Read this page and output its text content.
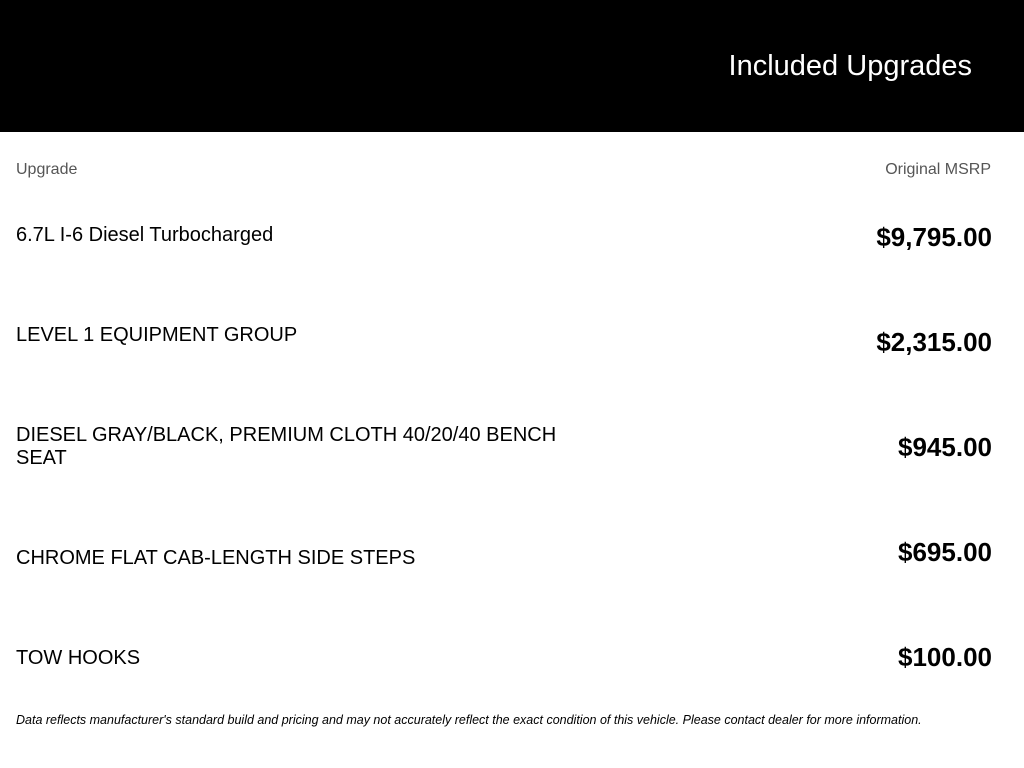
Included Upgrades
Upgrade	Original MSRP
6.7L I-6 Diesel Turbocharged	$9,795.00
LEVEL 1 EQUIPMENT GROUP	$2,315.00
DIESEL GRAY/BLACK, PREMIUM CLOTH 40/20/40 BENCH SEAT	$945.00
CHROME FLAT CAB-LENGTH SIDE STEPS	$695.00
TOW HOOKS	$100.00
Data reflects manufacturer's standard build and pricing and may not accurately reflect the exact condition of this vehicle. Please contact dealer for more information.
